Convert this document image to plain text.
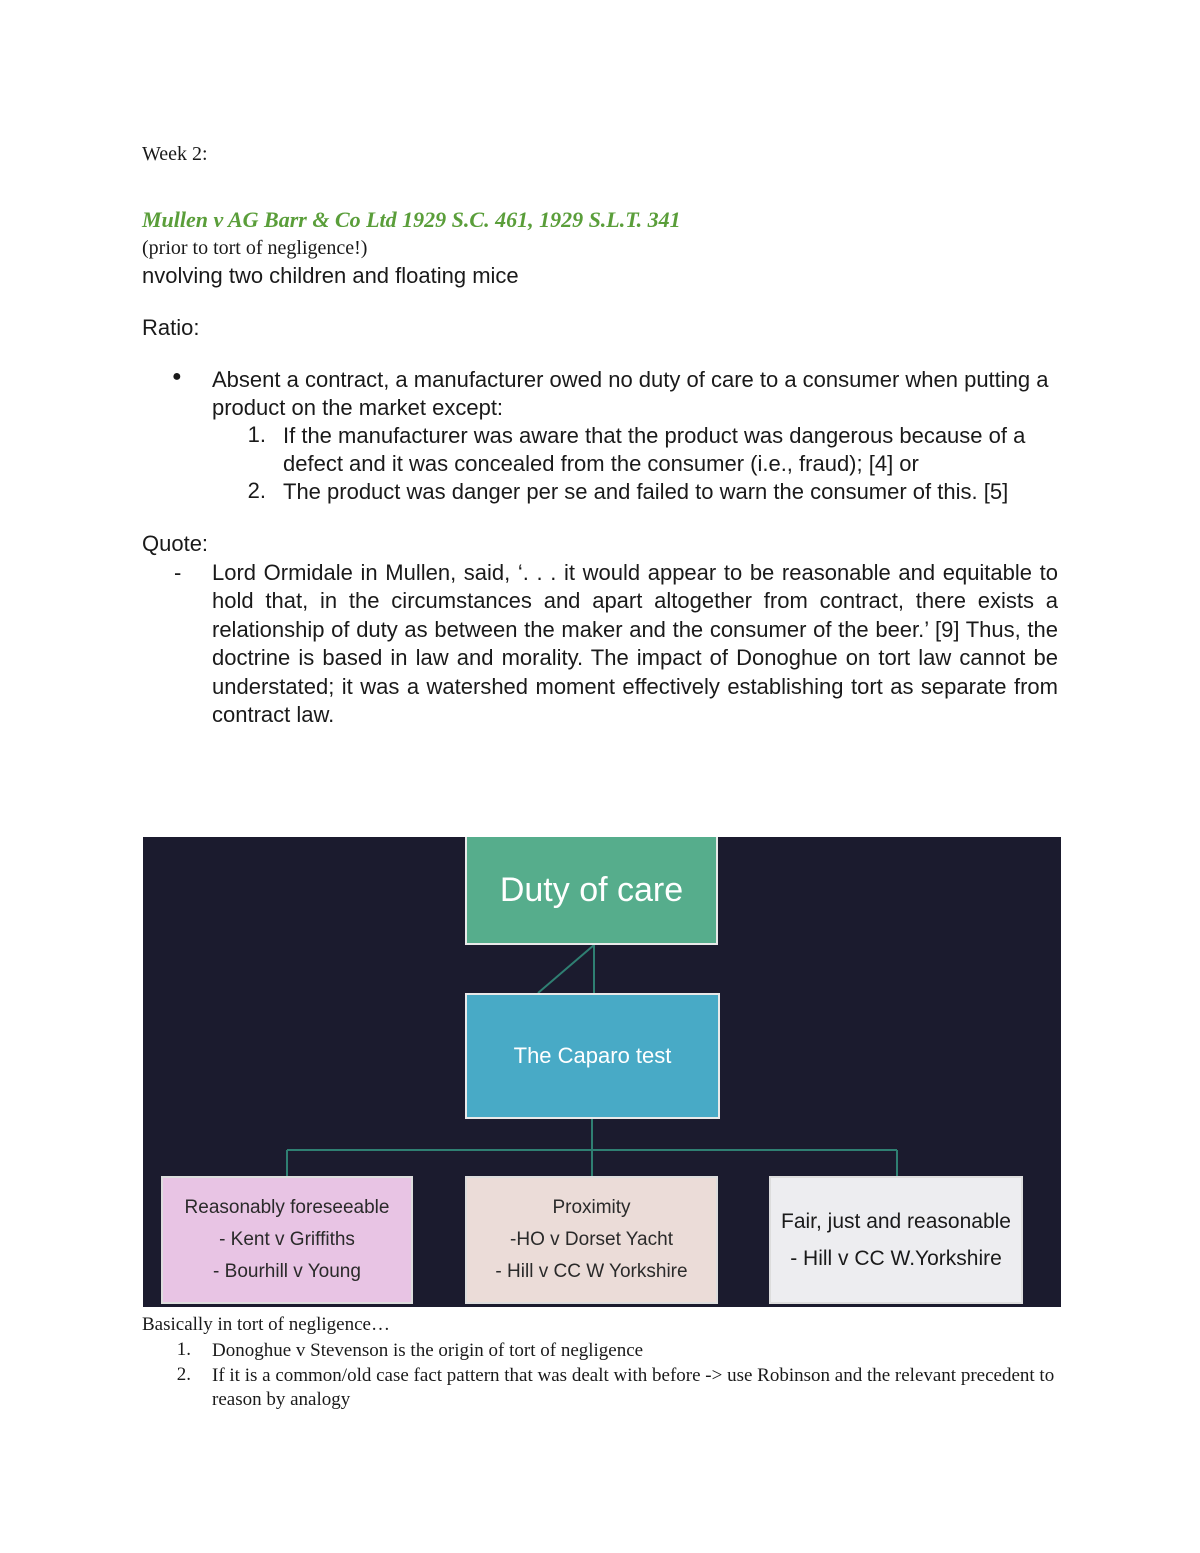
Week 2:
Mullen v AG Barr & Co Ltd 1929 S.C. 461, 1929 S.L.T. 341
(prior to tort of negligence!)
nvolving two children and floating mice
Ratio:
● Absent a contract, a manufacturer owed no duty of care to a consumer when putting a product on the market except:
1. If the manufacturer was aware that the product was dangerous because of a defect and it was concealed from the consumer (i.e., fraud); [4] or
2. The product was danger per se and failed to warn the consumer of this. [5]
Quote:
- Lord Ormidale in Mullen, said, ‘. . . it would appear to be reasonable and equitable to hold that, in the circumstances and apart altogether from contract, there exists a relationship of duty as between the maker and the consumer of the beer.’ [9] Thus, the doctrine is based in law and morality. The impact of Donoghue on tort law cannot be understated; it was a watershed moment effectively establishing tort as separate from contract law.
Duty of care
The Caparo test
Reasonably foreseeable
- Kent v Griffiths
- Bourhill v Young
Proximity
-HO v Dorset Yacht
- Hill v CC W Yorkshire
Fair, just and reasonable
- Hill v CC W.Yorkshire
Basically in tort of negligence…
1. Donoghue v Stevenson is the origin of tort of negligence
2. If it is a common/old case fact pattern that was dealt with before -> use Robinson and the relevant precedent to reason by analogy
